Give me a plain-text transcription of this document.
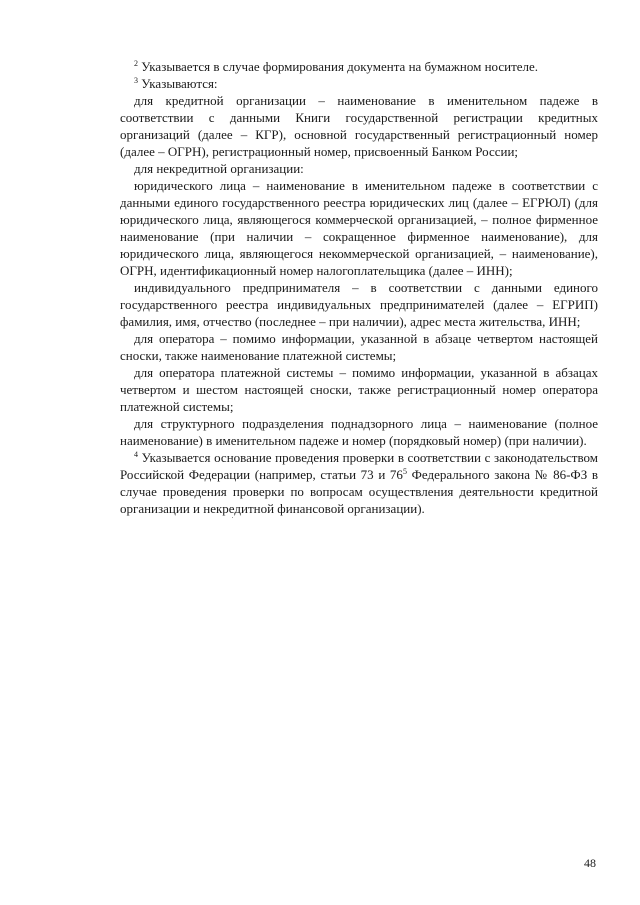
$^2$ Указывается в случае формирования документа на бумажном носителе.

$^3$ Указываются:

для кредитной организации – наименование в именительном падеже в соответствии с данными Книги государственной регистрации кредитных организаций (далее – КГР), основной государственный регистрационный номер (далее – ОГРН), регистрационный номер, присвоенный Банком России;

для некредитной организации:

юридического лица – наименование в именительном падеже в соответствии с данными единого государственного реестра юридических лиц (далее – ЕГРЮЛ) (для юридического лица, являющегося коммерческой организацией, – полное фирменное наименование (при наличии – сокращенное фирменное наименование), для юридического лица, являющегося некоммерческой организацией, – наименование), ОГРН, идентификационный номер налогоплательщика (далее – ИНН);

индивидуального предпринимателя – в соответствии с данными единого государственного реестра индивидуальных предпринимателей (далее – ЕГРИП) фамилия, имя, отчество (последнее – при наличии), адрес места жительства, ИНН;

для оператора – помимо информации, указанной в абзаце четвертом настоящей сноски, также наименование платежной системы;

для оператора платежной системы – помимо информации, указанной в абзацах четвертом и шестом настоящей сноски, также регистрационный номер оператора платежной системы;

для структурного подразделения поднадзорного лица – наименование (полное наименование) в именительном падеже и номер (порядковый номер) (при наличии).

$^4$ Указывается основание проведения проверки в соответствии с законодательством Российской Федерации (например, статьи 73 и $76^5$ Федерального закона № 86-ФЗ в случае проведения проверки по вопросам осуществления деятельности кредитной организации и некредитной финансовой организации).

48
